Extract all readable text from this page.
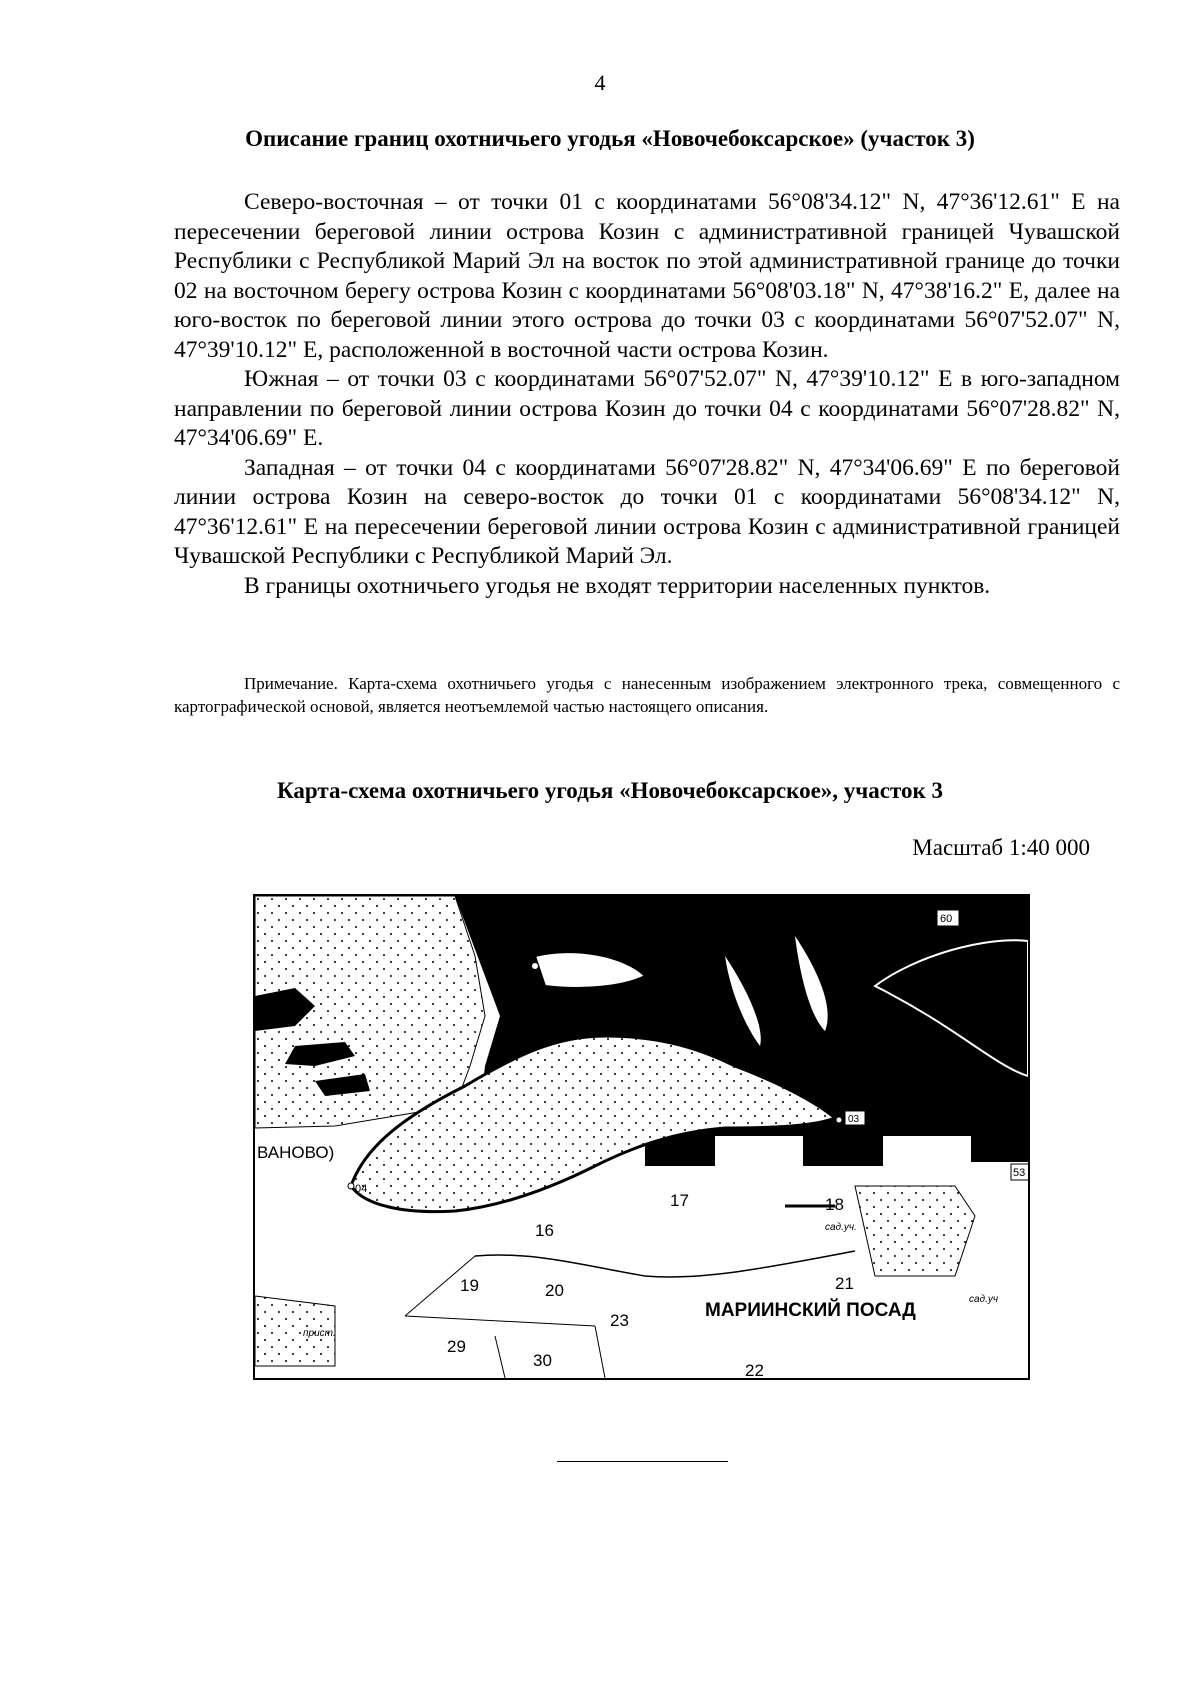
4
Описание границ охотничьего угодья «Новочебоксарское» (участок 3)

Северо-восточная – от точки 01 с координатами 56°08'34.12" N, 47°36'12.61" E на пересечении береговой линии острова Козин с административной границей Чувашской Республики с Республикой Марий Эл на восток по этой административной границе до точки 02 на восточном берегу острова Козин с координатами 56°08'03.18" N, 47°38'16.2" E, далее на юго-восток по береговой линии этого острова до точки 03 с координатами 56°07'52.07" N, 47°39'10.12" E, расположенной в восточной части острова Козин.

Южная – от точки 03 с координатами 56°07'52.07" N, 47°39'10.12" E в юго-западном направлении по береговой линии острова Козин до точки 04 с координатами 56°07'28.82" N, 47°34'06.69" E.

Западная – от точки 04 с координатами 56°07'28.82" N, 47°34'06.69" E по береговой линии острова Козин на северо-восток до точки 01 с координатами 56°08'34.12" N, 47°36'12.61" E на пересечении береговой линии острова Козин с административной границей Чувашской Республики с Республикой Марий Эл.

В границы охотничьего угодья не входят территории населенных пунктов.

Примечание. Карта-схема охотничьего угодья с нанесенным изображением электронного трека, совмещенного с картографической основой, является неотъемлемой частью настоящего описания.
Карта-схема охотничьего угодья «Новочебоксарское», участок 3
Масштаб 1:40 000
01
03
04
60
53
ВАНОВО)
МАРИИНСКИЙ ПОСАД
сад.уч.
сад.уч
прист.
16
17	18
19	20	21
22
23
29
30
